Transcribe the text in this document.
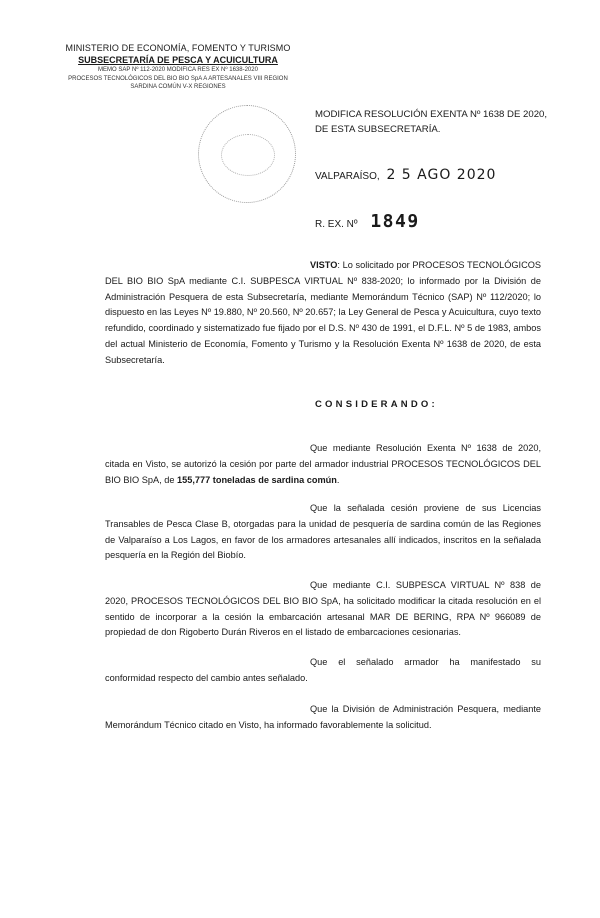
MINISTERIO DE ECONOMÍA, FOMENTO Y TURISMO
SUBSECRETARÍA DE PESCA Y ACUICULTURA
MEMO SAP Nº 112-2020 MODIFICA RES EX Nº 1638-2020
PROCESOS TECNOLÓGICOS DEL BIO BIO SpA A ARTESANALES VIII REGION
SARDINA COMÚN V-X REGIONES
MODIFICA RESOLUCIÓN EXENTA Nº 1638 DE 2020, DE ESTA SUBSECRETARÍA.
VALPARAÍSO, 2 5 AGO 2020
R. EX. Nº 1849
VISTO: Lo solicitado por PROCESOS TECNOLÓGICOS DEL BIO BIO SpA mediante C.I. SUBPESCA VIRTUAL Nº 838-2020; lo informado por la División de Administración Pesquera de esta Subsecretaría, mediante Memorándum Técnico (SAP) Nº 112/2020; lo dispuesto en las Leyes Nº 19.880, Nº 20.560, Nº 20.657; la Ley General de Pesca y Acuicultura, cuyo texto refundido, coordinado y sistematizado fue fijado por el D.S. Nº 430 de 1991, el D.F.L. Nº 5 de 1983, ambos del actual Ministerio de Economía, Fomento y Turismo y la Resolución Exenta Nº 1638 de 2020, de esta Subsecretaría.
CONSIDERANDO:
Que mediante Resolución Exenta Nº 1638 de 2020, citada en Visto, se autorizó la cesión por parte del armador industrial PROCESOS TECNOLÓGICOS DEL BIO BIO SpA, de 155,777 toneladas de sardina común.
Que la señalada cesión proviene de sus Licencias Transables de Pesca Clase B, otorgadas para la unidad de pesquería de sardina común de las Regiones de Valparaíso a Los Lagos, en favor de los armadores artesanales allí indicados, inscritos en la señalada pesquería en la Región del Biobío.
Que mediante C.I. SUBPESCA VIRTUAL Nº 838 de 2020, PROCESOS TECNOLÓGICOS DEL BIO BIO SpA, ha solicitado modificar la citada resolución en el sentido de incorporar a la cesión la embarcación artesanal MAR DE BERING, RPA Nº 966089 de propiedad de don Rigoberto Durán Riveros en el listado de embarcaciones cesionarias.
Que el señalado armador ha manifestado su conformidad respecto del cambio antes señalado.
Que la División de Administración Pesquera, mediante Memorándum Técnico citado en Visto, ha informado favorablemente la solicitud.
